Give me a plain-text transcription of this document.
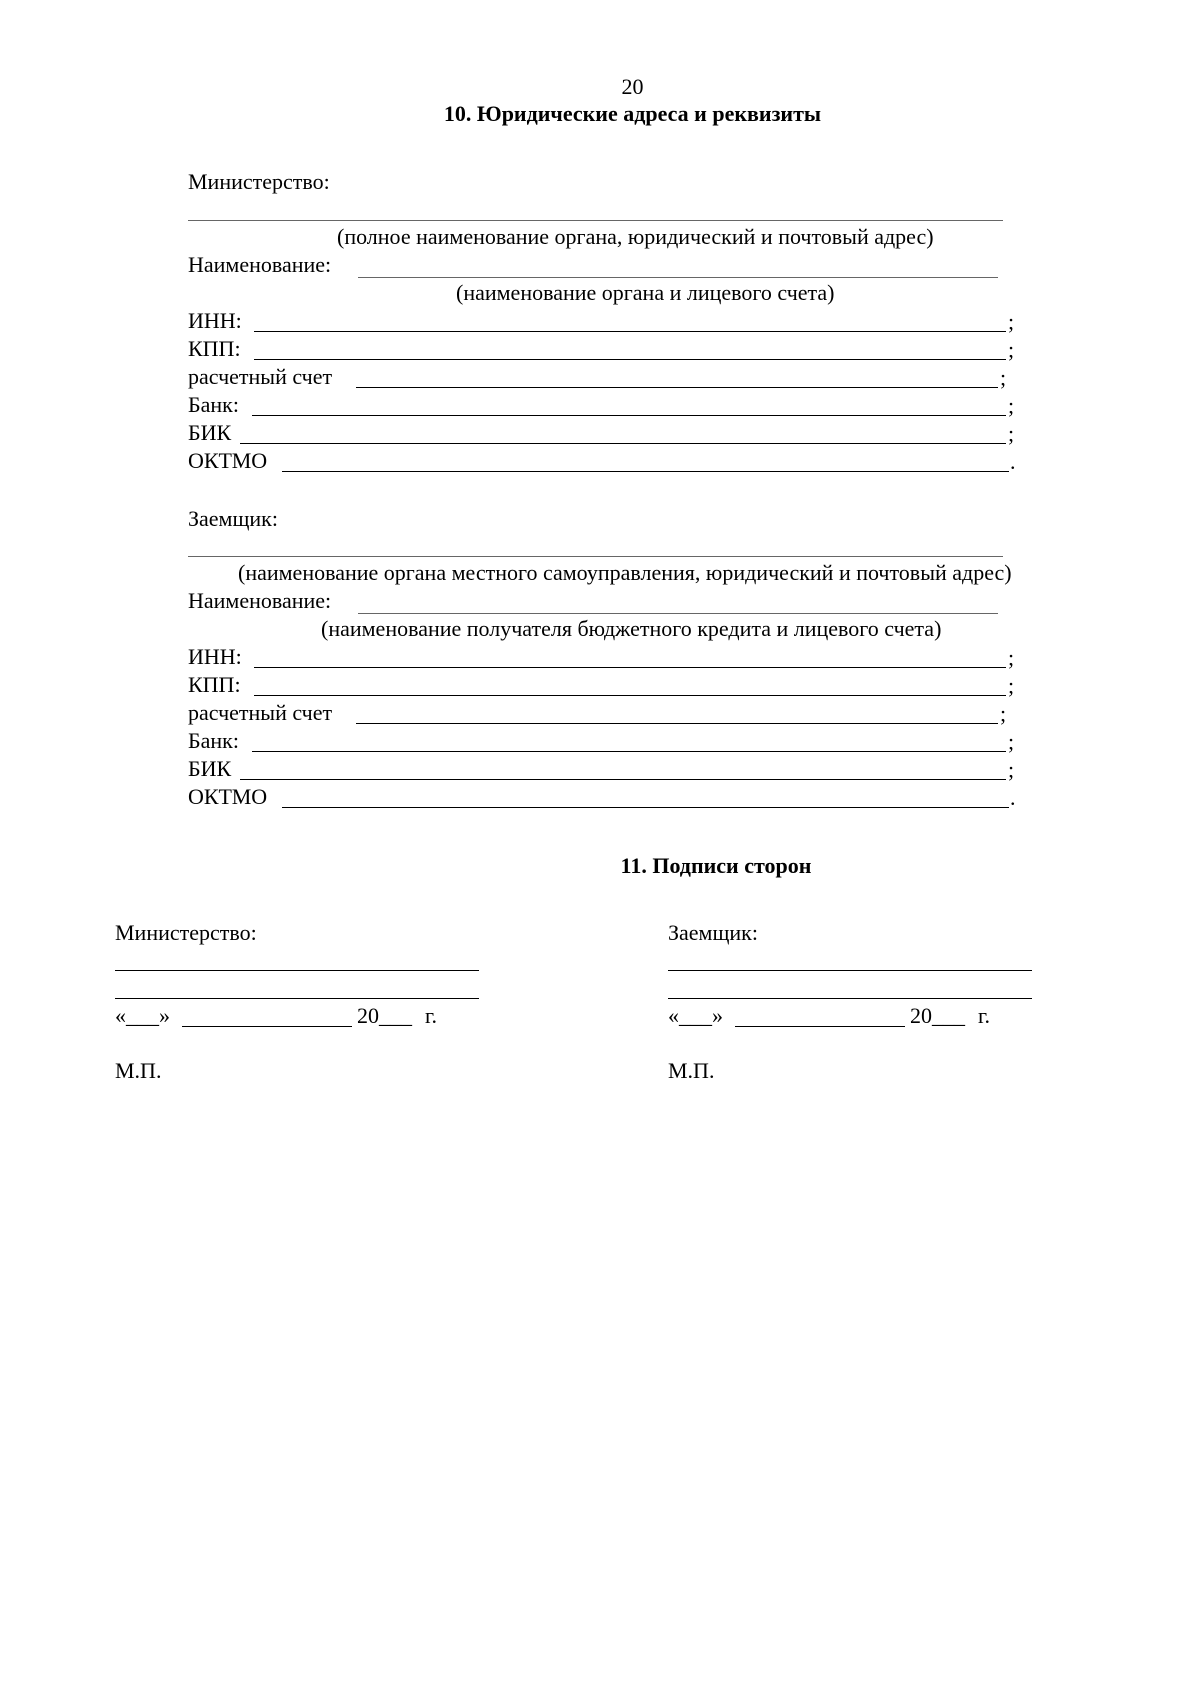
20
10. Юридические адреса и реквизиты
Министерство:
(полное наименование органа, юридический и почтовый адрес)
Наименование:
(наименование органа и лицевого счета)
ИНН:	;
КПП:	;
расчетный счет	;
Банк:	;
БИК	;
ОКТМО	.
Заемщик:
(наименование органа местного самоуправления, юридический и почтовый адрес)
Наименование:
(наименование получателя бюджетного кредита и лицевого счета)
ИНН:	;
КПП:	;
расчетный счет	;
Банк:	;
БИК	;
ОКТМО	.
11. Подписи сторон
Министерство:
«___»	20___ г.
М.П.
Заемщик:
«___»	20___ г.
М.П.
